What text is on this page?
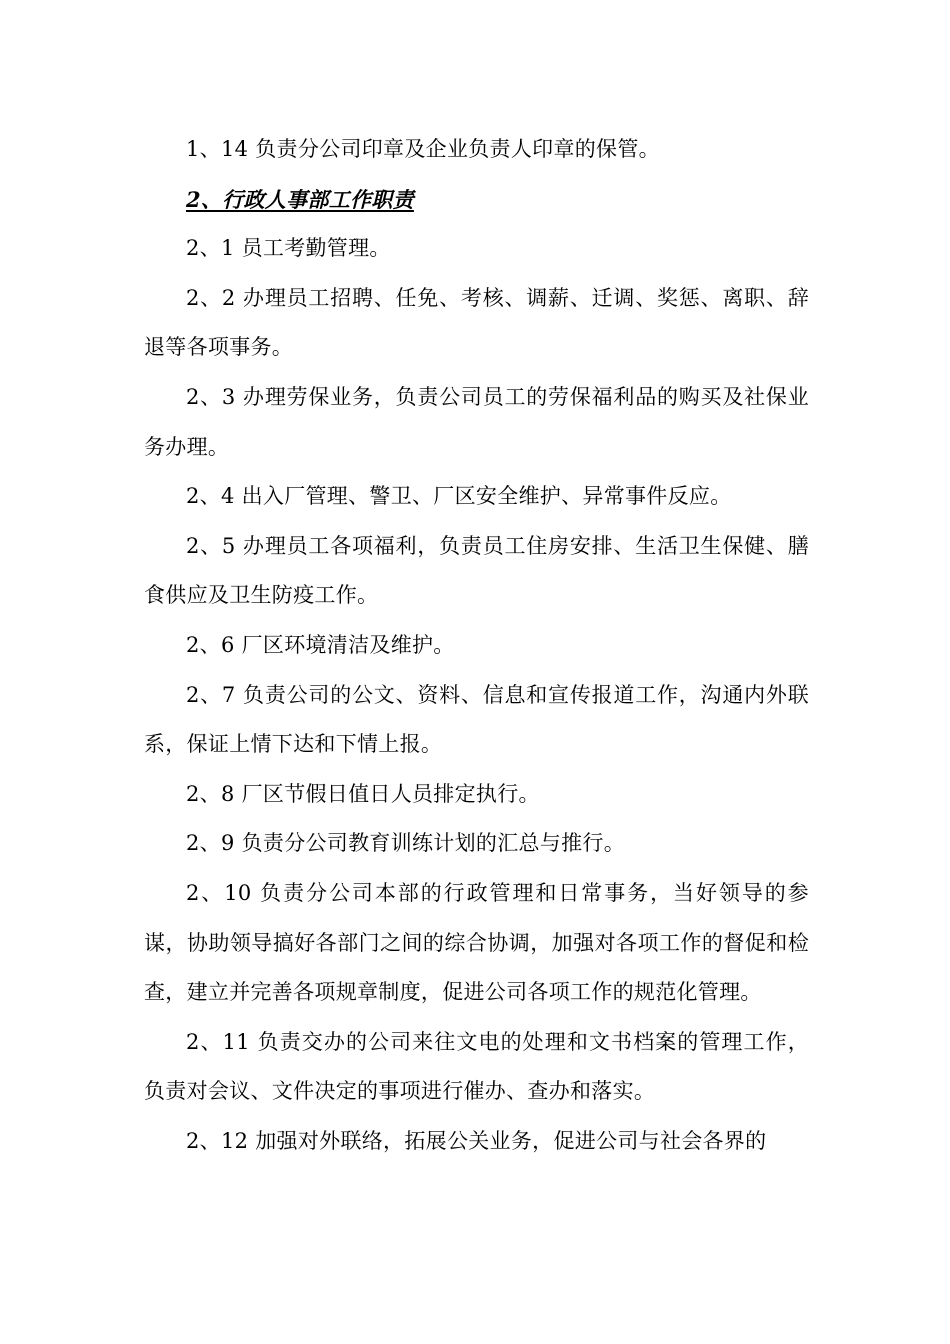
1、14 负责分公司印章及企业负责人印章的保管。

2、行政人事部工作职责

2、1 员工考勤管理。

2、2 办理员工招聘、任免、考核、调薪、迁调、奖惩、离职、辞退等各项事务。

2、3 办理劳保业务，负责公司员工的劳保福利品的购买及社保业务办理。

2、4 出入厂管理、警卫、厂区安全维护、异常事件反应。

2、5 办理员工各项福利，负责员工住房安排、生活卫生保健、膳食供应及卫生防疫工作。

2、6 厂区环境清洁及维护。

2、7 负责公司的公文、资料、信息和宣传报道工作，沟通内外联系，保证上情下达和下情上报。

2、8 厂区节假日值日人员排定执行。

2、9 负责分公司教育训练计划的汇总与推行。

2、10 负责分公司本部的行政管理和日常事务，当好领导的参谋，协助领导搞好各部门之间的综合协调，加强对各项工作的督促和检查，建立并完善各项规章制度，促进公司各项工作的规范化管理。

2、11 负责交办的公司来往文电的处理和文书档案的管理工作，负责对会议、文件决定的事项进行催办、查办和落实。

2、12 加强对外联络，拓展公关业务，促进公司与社会各界的
